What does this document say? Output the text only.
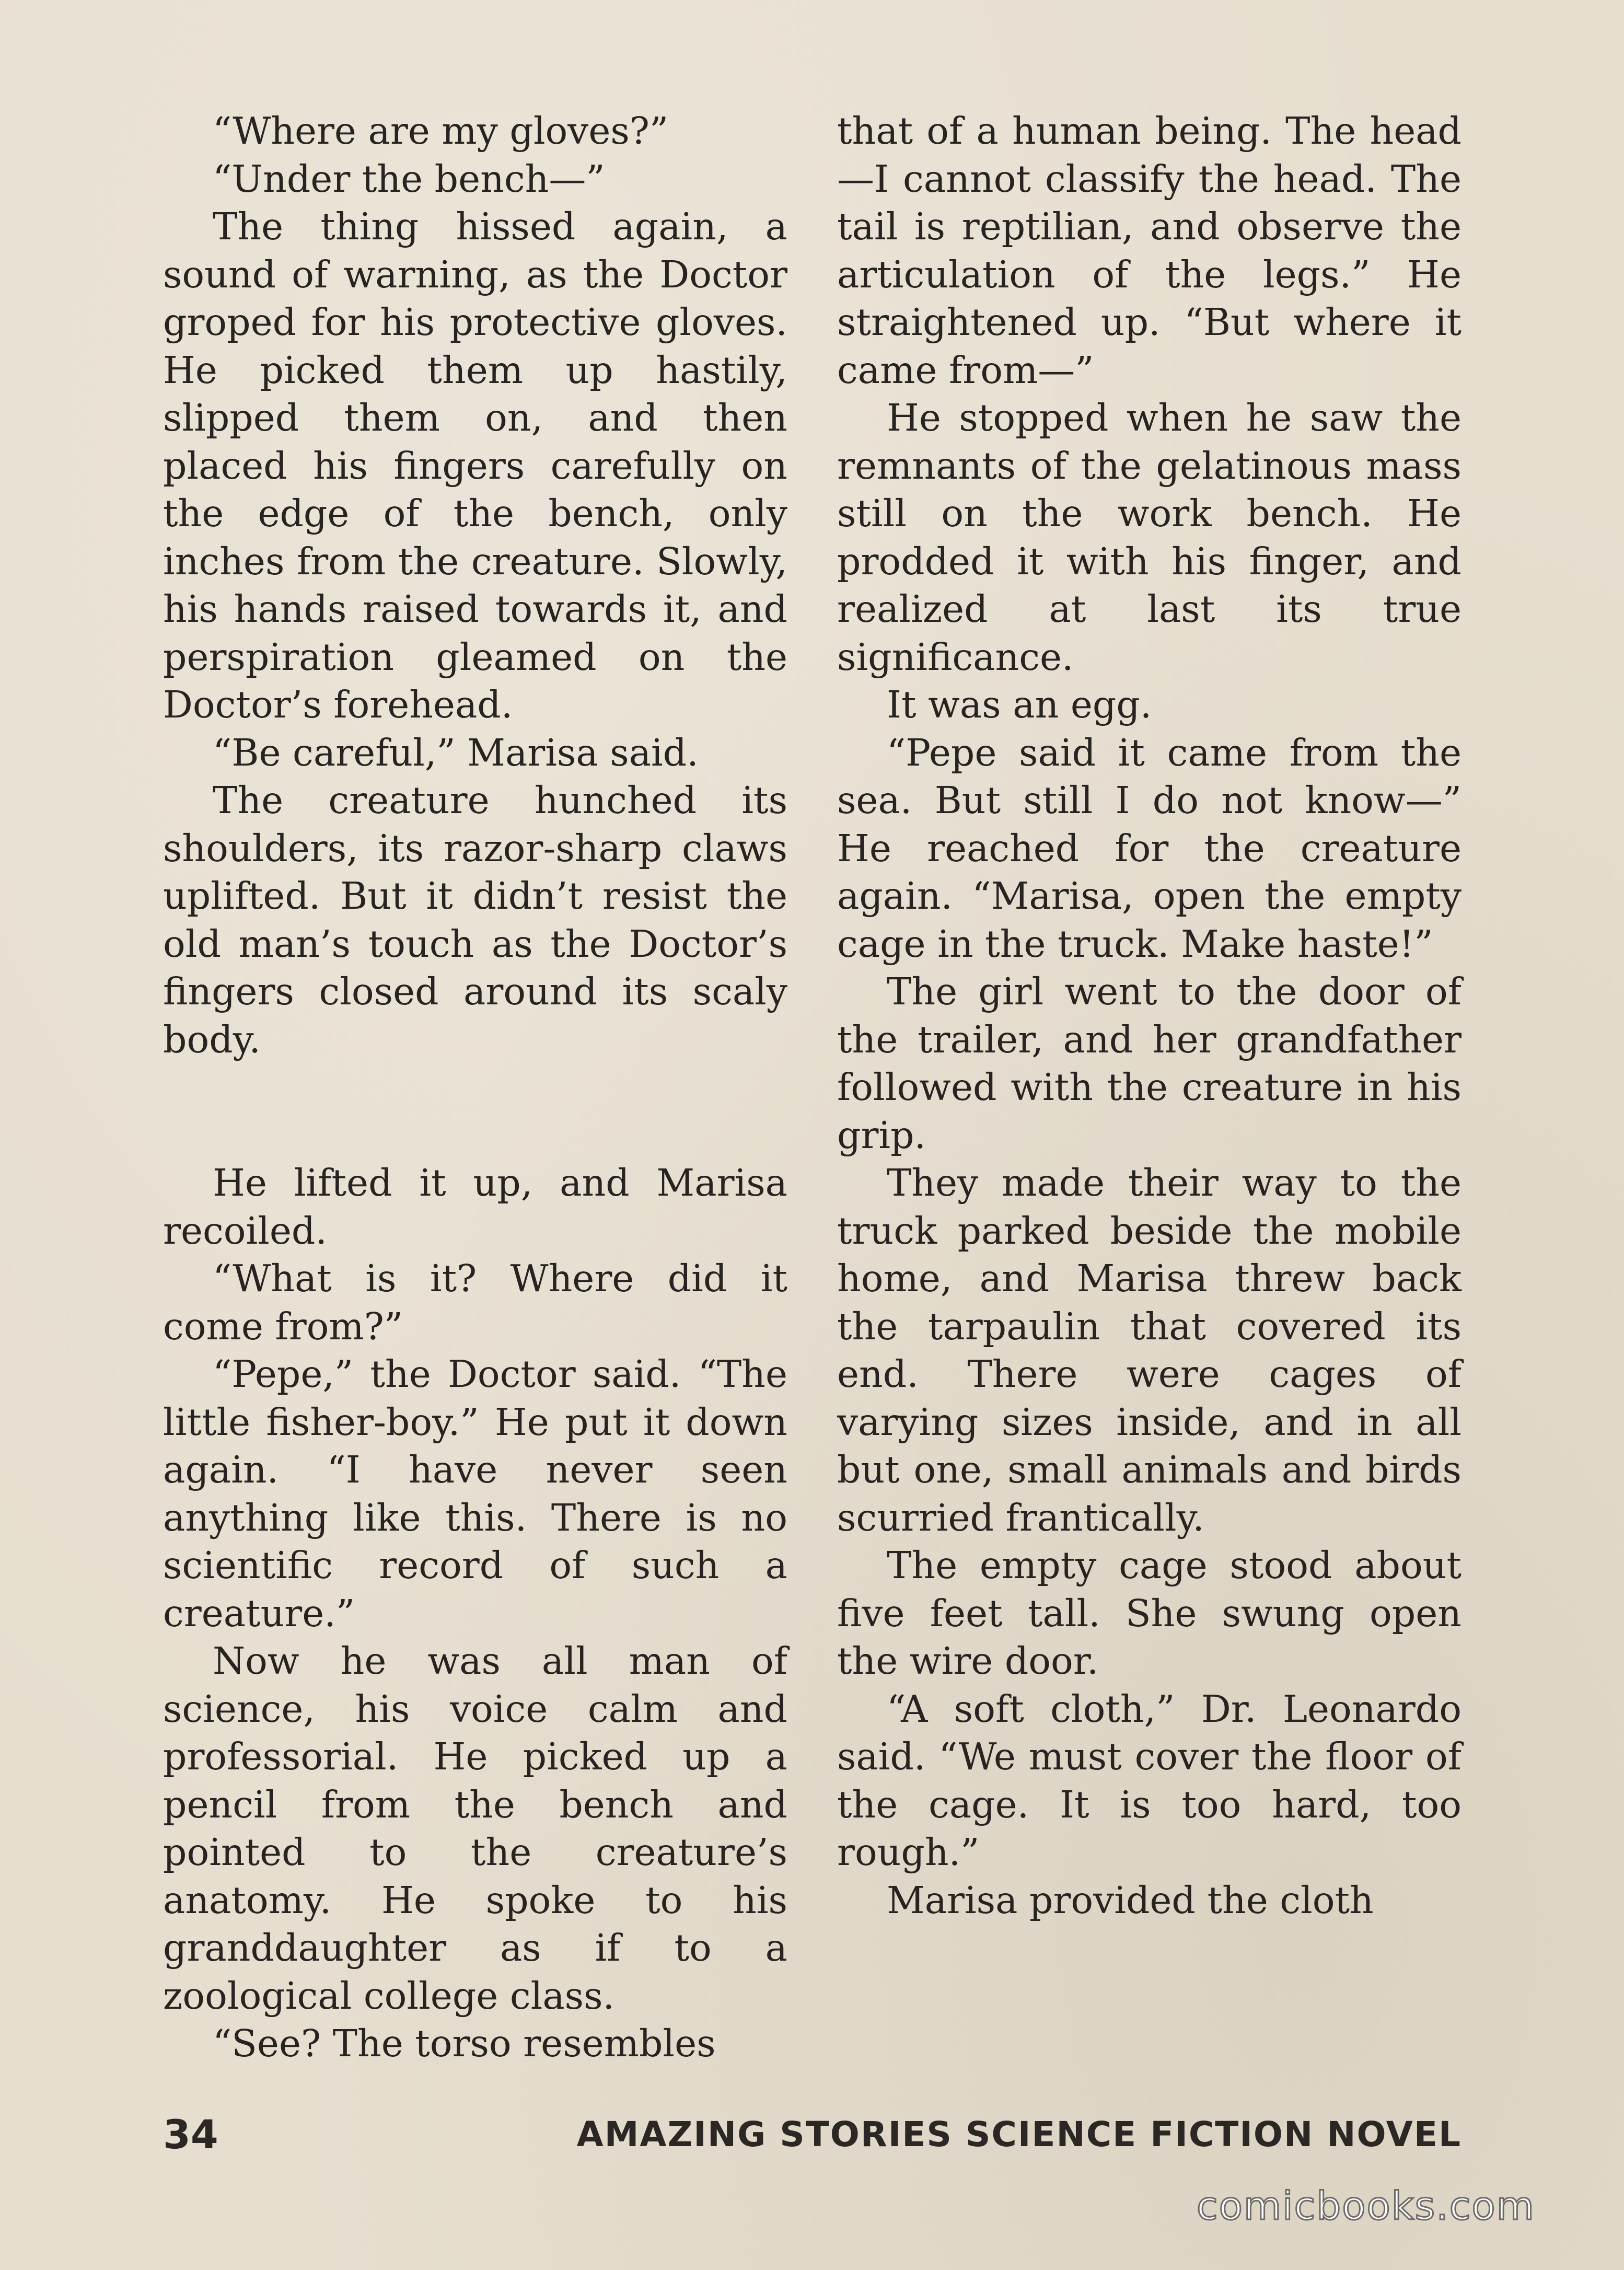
“Where are my gloves?”

“Under the bench—”

The thing hissed again, a sound of warning, as the Doctor groped for his protective gloves. He picked them up hastily, slipped them on, and then placed his fingers carefully on the edge of the bench, only inches from the creature. Slowly, his hands raised towards it, and perspiration gleamed on the Doctor’s forehead.

“Be careful,” Marisa said.

The creature hunched its shoulders, its razor-sharp claws uplifted. But it didn’t resist the old man’s touch as the Doctor’s fingers closed around its scaly body.

He lifted it up, and Marisa recoiled.

“What is it? Where did it come from?”

“Pepe,” the Doctor said. “The little fisher-boy.” He put it down again. “I have never seen anything like this. There is no scientific record of such a creature.”

Now he was all man of science, his voice calm and professorial. He picked up a pencil from the bench and pointed to the creature’s anatomy. He spoke to his granddaughter as if to a zoological college class.

“See? The torso resembles

that of a human being. The head—I cannot classify the head. The tail is reptilian, and observe the articulation of the legs.” He straightened up. “But where it came from—”

He stopped when he saw the remnants of the gelatinous mass still on the work bench. He prodded it with his finger, and realized at last its true significance.

It was an egg.

“Pepe said it came from the sea. But still I do not know—” He reached for the creature again. “Marisa, open the empty cage in the truck. Make haste!”

The girl went to the door of the trailer, and her grandfather followed with the creature in his grip.

They made their way to the truck parked beside the mobile home, and Marisa threw back the tarpaulin that covered its end. There were cages of varying sizes inside, and in all but one, small animals and birds scurried frantically.

The empty cage stood about five feet tall. She swung open the wire door.

“A soft cloth,” Dr. Leonardo said. “We must cover the floor of the cage. It is too hard, too rough.”

Marisa provided the cloth

34	AMAZING STORIES SCIENCE FICTION NOVEL
comicbooks.com
